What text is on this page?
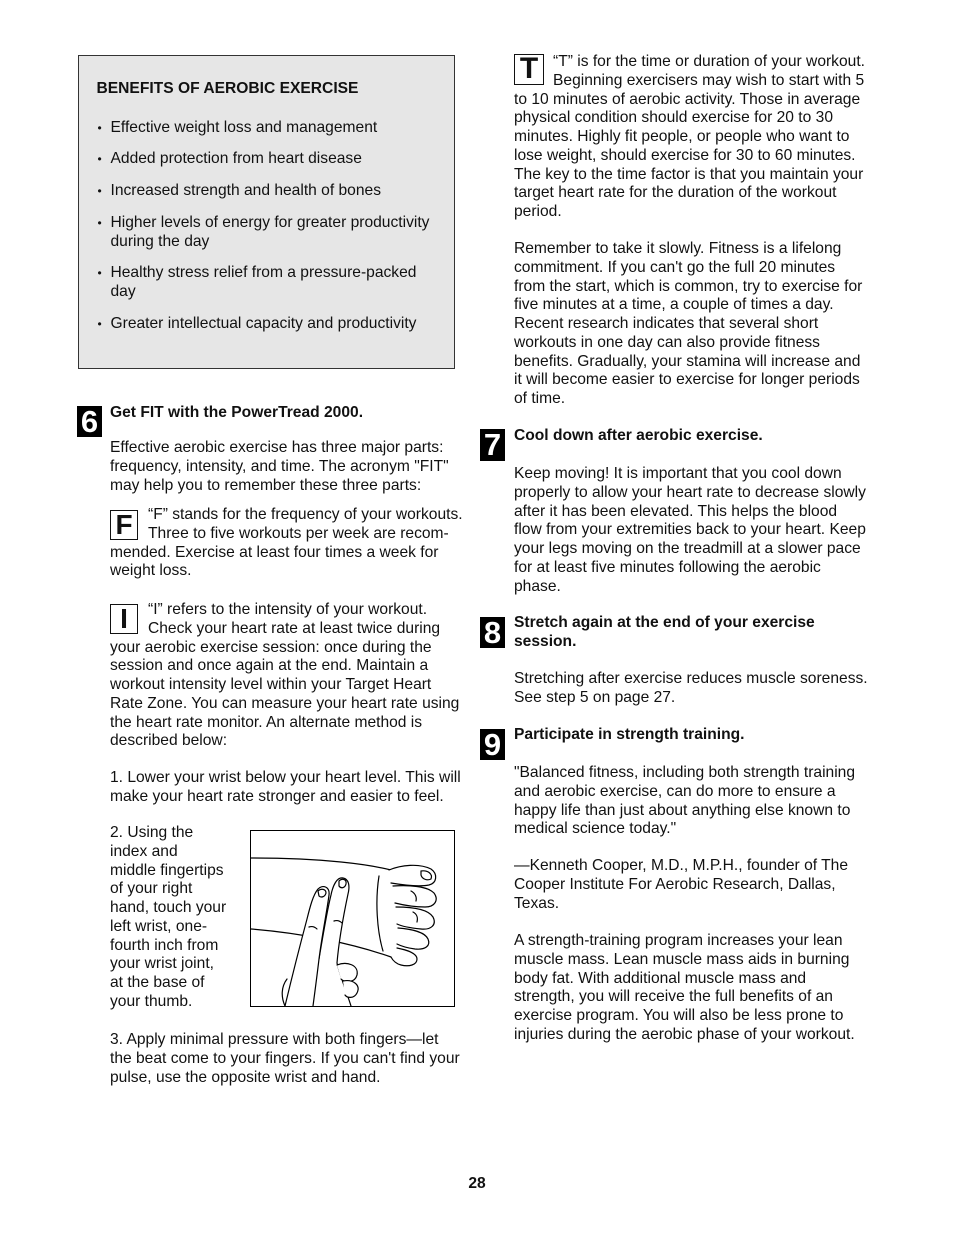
BENEFITS OF AEROBIC EXERCISE
• Effective weight loss and management
• Added protection from heart disease
• Increased strength and health of bones
• Higher levels of energy for greater productivity
during the day
• Healthy stress relief from a pressure-packed
day
• Greater intellectual capacity and productivity
6 Get FIT with the PowerTread 2000.
Effective aerobic exercise has three major parts:
frequency, intensity, and time. The acronym "FIT"
may help you to remember these three parts:
F “F” stands for the frequency of your workouts.
Three to five workouts per week are recom-
mended. Exercise at least four times a week for
weight loss.
I	“I” refers to the intensity of your workout.
Check your heart rate at least twice during
your aerobic exercise session: once during the
session and once again at the end. Maintain a
workout intensity level within your Target Heart
Rate Zone. You can measure your heart rate using
the heart rate monitor. An alternate method is
described below:
1. Lower your wrist below your heart level. This will
make your heart rate stronger and easier to feel.
2. Using the
index and
middle fingertips
of your right
hand, touch your
left wrist, one-
fourth inch from
your wrist joint,
at the base of
your thumb.
3. Apply minimal pressure with both fingers—let
the beat come to your fingers. If you can't find your
pulse, use the opposite wrist and hand.
T “T” is for the time or duration of your workout.
Beginning exercisers may wish to start with 5
to 10 minutes of aerobic activity. Those in average
physical condition should exercise for 20 to 30
minutes. Highly fit people, or people who want to
lose weight, should exercise for 30 to 60 minutes.
The key to the time factor is that you maintain your
target heart rate for the duration of the workout
period.
Remember to take it slowly. Fitness is a lifelong
commitment. If you can't go the full 20 minutes
from the start, which is common, try to exercise for
five minutes at a time, a couple of times a day.
Recent research indicates that several short
workouts in one day can also provide fitness
benefits. Gradually, your stamina will increase and
it will become easier to exercise for longer periods
of time.
7 Cool down after aerobic exercise.
Keep moving! It is important that you cool down
properly to allow your heart rate to decrease slowly
after it has been elevated. This helps the blood
flow from your extremities back to your heart. Keep
your legs moving on the treadmill at a slower pace
for at least five minutes following the aerobic
phase.
8 Stretch again at the end of your exercise
session.
Stretching after exercise reduces muscle soreness.
See step 5 on page 27.
9 Participate in strength training.
"Balanced fitness, including both strength training
and aerobic exercise, can do more to ensure a
happy life than just about anything else known to
medical science today."
—Kenneth Cooper, M.D., M.P.H., founder of The
Cooper Institute For Aerobic Research, Dallas,
Texas.
A strength-training program increases your lean
muscle mass. Lean muscle mass aids in burning
body fat. With additional muscle mass and
strength, you will receive the full benefits of an
exercise program. You will also be less prone to
injuries during the aerobic phase of your workout.
28
